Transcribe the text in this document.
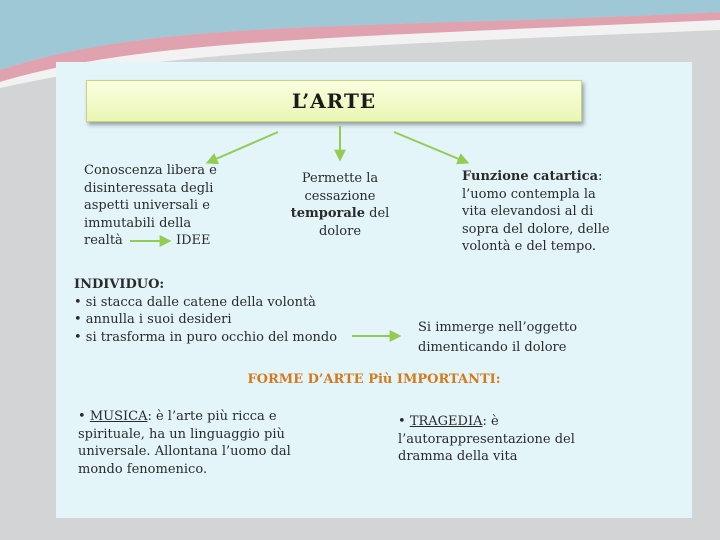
L’ARTE
Conoscenza libera e disinteressata degli aspetti universali e immutabili della realtà	IDEE
Permette la cessazione temporale del dolore
Funzione catartica: l’uomo contempla la vita elevandosi al di sopra del dolore, delle volontà e del tempo.
INDIVIDUO:
• si stacca dalle catene della volontà
• annulla i suoi desideri
• si trasforma in puro occhio del mondo
Si immerge nell’oggetto dimenticando il dolore
FORME D’ARTE Più IMPORTANTI:
• MUSICA: è l’arte più ricca e spirituale, ha un linguaggio più universale. Allontana l’uomo dal mondo fenomenico.
• TRAGEDIA: è l’autorappresentazione del dramma della vita
